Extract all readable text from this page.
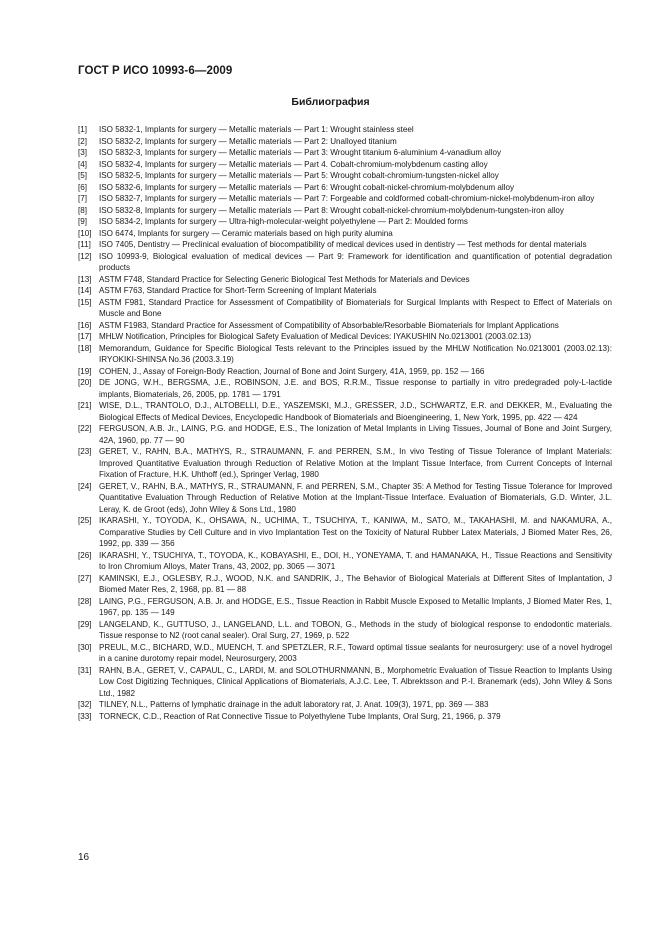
ГОСТ Р ИСО 10993-6—2009
Библиография
[1]	ISO 5832-1, Implants for surgery — Metallic materials — Part 1: Wrought stainless steel
[2]	ISO 5832-2, Implants for surgery — Metallic materials — Part 2: Unalloyed titanium
[3]	ISO 5832-3, Implants for surgery — Metallic materials — Part 3: Wrought titanium 6-aluminium 4-vanadium alloy
[4]	ISO 5832-4, Implants for surgery — Metallic materials — Part 4. Cobalt-chromium-molybdenum casting alloy
[5]	ISO 5832-5, Implants for surgery — Metallic materials — Part 5: Wrought cobalt-chromium-tungsten-nickel alloy
[6]	ISO 5832-6, Implants for surgery — Metallic materials — Part 6: Wrought cobalt-nickel-chromium-molybdenum alloy
[7]	ISO 5832-7, Implants for surgery — Metallic materials — Part 7: Forgeable and coldformed cobalt-chromium-nickel-molybdenum-iron alloy
[8]	ISO 5832-8, Implants for surgery — Metallic materials — Part 8: Wrought cobalt-nickel-chromium-molybdenum-tungsten-iron alloy
[9]	ISO 5834-2, Implants for surgery — Ultra-high-molecular-weight polyethylene — Part 2: Moulded forms
[10] ISO 6474, Implants for surgery — Ceramic materials based on high purity alumina
[11] ISO 7405, Dentistry — Preclinical evaluation of biocompatibility of medical devices used in dentistry — Test methods for dental materials
[12] ISO 10993-9, Biological evaluation of medical devices — Part 9: Framework for identification and quantification of potential degradation products
[13] ASTM F748, Standard Practice for Selecting Generic Biological Test Methods for Materials and Devices
[14] ASTM F763, Standard Practice for Short-Term Screening of Implant Materials
[15] ASTM F981, Standard Practice for Assessment of Compatibility of Biomaterials for Surgical Implants with Respect to Effect of Materials on Muscle and Bone
[16] ASTM F1983, Standard Practice for Assessment of Compatibility of Absorbable/Resorbable Biomaterials for Implant Applications
[17] MHLW Notification, Principles for Biological Safety Evaluation of Medical Devices: IYAKUSHIN No.0213001 (2003.02.13)
[18] Memorandum, Guidance for Specific Biological Tests relevant to the Principles issued by the MHLW Notification No.0213001 (2003.02.13): IRYOKIKI-SHINSA No.36 (2003.3.19)
[19] COHEN, J., Assay of Foreign-Body Reaction, Journal of Bone and Joint Surgery, 41A, 1959, pp. 152 — 166
[20] DE JONG, W.H., BERGSMA, J.E., ROBINSON, J.E. and BOS, R.R.M., Tissue response to partially in vitro predegraded poly-L-lactide implants, Biomaterials, 26, 2005, pp. 1781 — 1791
[21] WISE, D.L., TRANTOLO, D.J., ALTOBELLI, D.E., YASZEMSKI, M.J., GRESSER, J.D., SCHWARTZ, E.R. and DEKKER, M., Evaluating the Biological Effects of Medical Devices, Encyclopedic Handbook of Biomaterials and Bioengineering, 1, New York, 1995, pp. 422 — 424
[22] FERGUSON, A.B. Jr., LAING, P.G. and HODGE, E.S., The Ionization of Metal Implants in Living Tissues, Journal of Bone and Joint Surgery, 42A, 1960, pp. 77 — 90
[23] GERET, V., RAHN, B.A., MATHYS, R., STRAUMANN, F. and PERREN, S.M., In vivo Testing of Tissue Tolerance of Implant Materials: Improved Quantitative Evaluation through Reduction of Relative Motion at the Implant Tissue Interface, from Current Concepts of Internal Fixation of Fracture, H.K. Uhthoff (ed.), Springer Verlag, 1980
[24] GERET, V., RAHN, B.A., MATHYS, R., STRAUMANN, F. and PERREN, S.M., Chapter 35: A Method for Testing Tissue Tolerance for Improved Quantitative Evaluation Through Reduction of Relative Motion at the Implant-Tissue Interface. Evaluation of Biomaterials, G.D. Winter, J.L. Leray, K. de Groot (eds), John Wiley & Sons Ltd., 1980
[25] IKARASHI, Y., TOYODA, K., OHSAWA, N., UCHIMA, T., TSUCHIYA, T., KANIWA, M., SATO, M., TAKAHASHI, M. and NAKAMURA, A., Comparative Studies by Cell Culture and in vivo Implantation Test on the Toxicity of Natural Rubber Latex Materials, J Biomed Mater Res, 26, 1992, pp. 339 — 356
[26] IKARASHI, Y., TSUCHIYA, T., TOYODA, K., KOBAYASHI, E., DOI, H., YONEYAMA, T. and HAMANAKA, H., Tissue Reactions and Sensitivity to Iron Chromium Alloys, Mater Trans, 43, 2002, pp. 3065 — 3071
[27] KAMINSKI, E.J., OGLESBY, R.J., WOOD, N.K. and SANDRIK, J., The Behavior of Biological Materials at Different Sites of Implantation, J Biomed Mater Res, 2, 1968, pp. 81 — 88
[28] LAING, P.G., FERGUSON, A.B. Jr. and HODGE, E.S., Tissue Reaction in Rabbit Muscle Exposed to Metallic Implants, J Biomed Mater Res, 1, 1967, pp. 135 — 149
[29] LANGELAND, K., GUTTUSO, J., LANGELAND, L.L. and TOBON, G., Methods in the study of biological response to endodontic materials. Tissue response to N2 (root canal sealer). Oral Surg, 27, 1969, p. 522
[30] PREUL, M.C., BICHARD, W.D., MUENCH, T. and SPETZLER, R.F., Toward optimal tissue sealants for neurosurgery: use of a novel hydrogel in a canine durotomy repair model, Neurosurgery, 2003
[31] RAHN, B.A., GERET, V., CAPAUL, C., LARDI, M. and SOLOTHURNMANN, B., Morphometric Evaluation of Tissue Reaction to Implants Using Low Cost Digitizing Techniques, Clinical Applications of Biomaterials, A.J.C. Lee, T. Albrektsson and P.-I. Branemark (eds), John Wiley & Sons Ltd., 1982
[32] TILNEY, N.L., Patterns of lymphatic drainage in the adult laboratory rat, J. Anat. 109(3), 1971, pp. 369 — 383
[33] TORNECK, C.D., Reaction of Rat Connective Tissue to Polyethylene Tube Implants, Oral Surg, 21, 1966, p. 379
16
